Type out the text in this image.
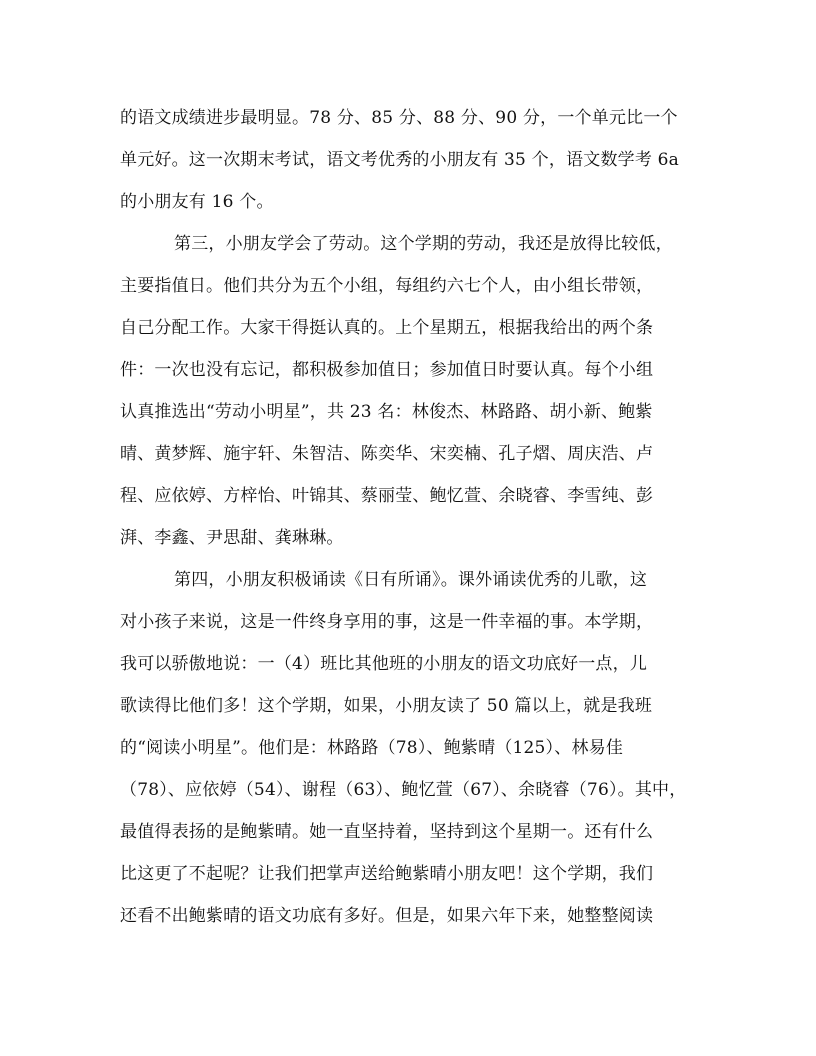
的语文成绩进步最明显。78 分、85 分、88 分、90 分，一个单元比一个
单元好。这一次期末考试，语文考优秀的小朋友有 35 个，语文数学考 6a
的小朋友有 16 个。
第三，小朋友学会了劳动。这个学期的劳动，我还是放得比较低，
主要指值日。他们共分为五个小组，每组约六七个人，由小组长带领，
自己分配工作。大家干得挺认真的。上个星期五，根据我给出的两个条
件：一次也没有忘记，都积极参加值日；参加值日时要认真。每个小组
认真推选出“劳动小明星”，共 23 名：林俊杰、林路路、胡小新、鲍紫
晴、黄梦辉、施宇轩、朱智洁、陈奕华、宋奕楠、孔子熠、周庆浩、卢
程、应依婷、方梓怡、叶锦其、蔡丽莹、鲍忆萱、余晓睿、李雪纯、彭
湃、李鑫、尹思甜、龚琳琳。
第四，小朋友积极诵读《日有所诵》。课外诵读优秀的儿歌，这
对小孩子来说，这是一件终身享用的事，这是一件幸福的事。本学期，
我可以骄傲地说：一（4）班比其他班的小朋友的语文功底好一点，儿
歌读得比他们多！这个学期，如果，小朋友读了 50 篇以上，就是我班
的“阅读小明星”。他们是：林路路（78）、鲍紫晴（125）、林易佳
（78）、应依婷（54）、谢程（63）、鲍忆萱（67）、余晓睿（76）。其中，
最值得表扬的是鲍紫晴。她一直坚持着，坚持到这个星期一。还有什么
比这更了不起呢？让我们把掌声送给鲍紫晴小朋友吧！这个学期，我们
还看不出鲍紫晴的语文功底有多好。但是，如果六年下来，她整整阅读
